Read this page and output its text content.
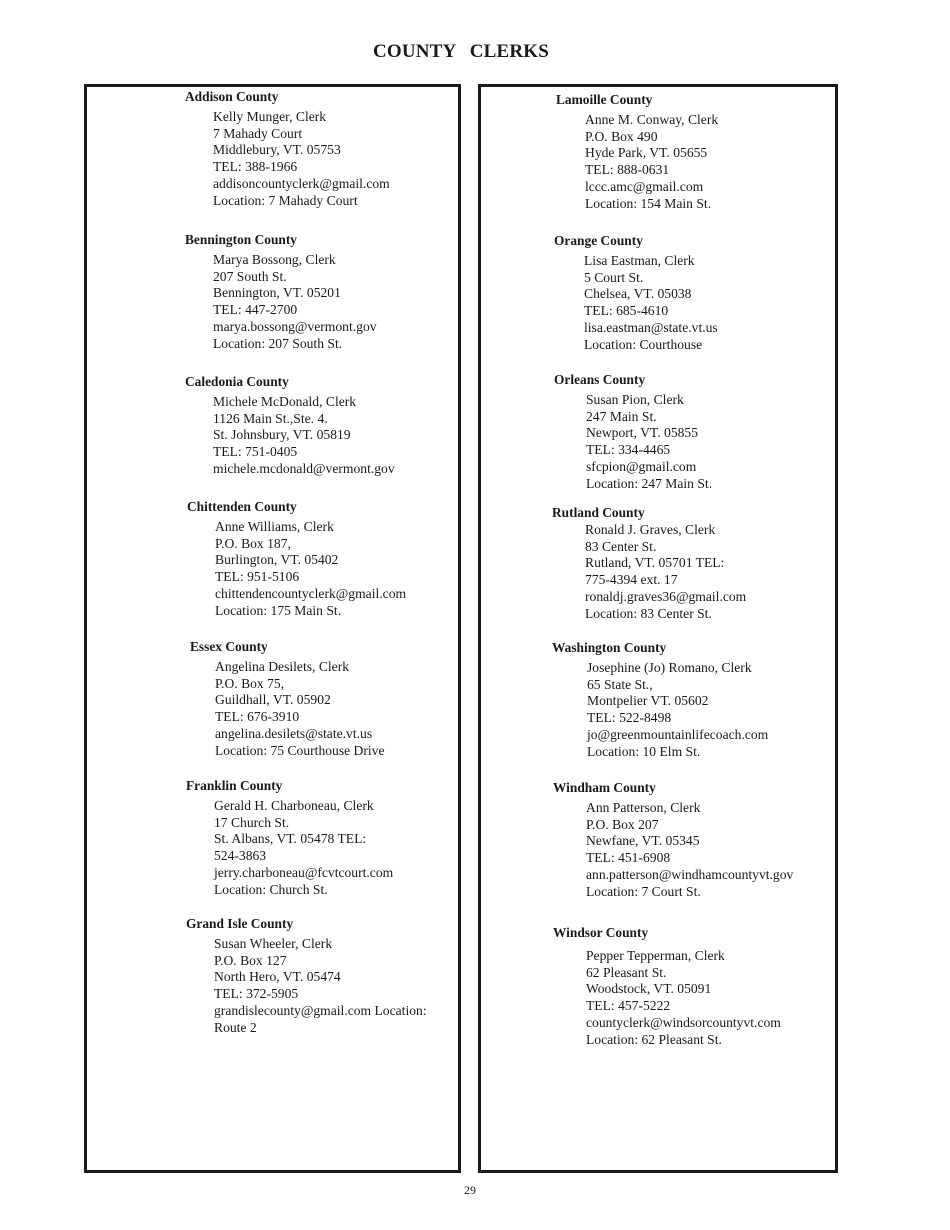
COUNTY CLERKS
Addison County
Kelly Munger, Clerk
7 Mahady Court
Middlebury, VT. 05753
TEL: 388-1966
addisoncountyclerk@gmail.com
Location: 7 Mahady Court
Bennington County
Marya Bossong, Clerk
207 South St.
Bennington, VT. 05201
TEL: 447-2700
marya.bossong@vermont.gov
Location: 207 South St.
Caledonia County
Michele McDonald, Clerk
1126 Main St.,Ste. 4.
St. Johnsbury, VT. 05819
TEL: 751-0405
michele.mcdonald@vermont.gov
Chittenden County
Anne Williams, Clerk
P.O. Box 187,
Burlington, VT. 05402
TEL: 951-5106
chittendencountyclerk@gmail.com
Location: 175 Main St.
Essex County
Angelina Desilets, Clerk
P.O. Box 75,
Guildhall, VT. 05902
TEL: 676-3910
angelina.desilets@state.vt.us
Location: 75 Courthouse Drive
Franklin County
Gerald H. Charboneau, Clerk
17 Church St.
St. Albans, VT. 05478 TEL:
524-3863
jerry.charboneau@fcvtcourt.com
Location: Church St.
Grand Isle County
Susan Wheeler, Clerk
P.O. Box 127
North Hero, VT. 05474
TEL: 372-5905
grandislecounty@gmail.com Location:
Route 2
Lamoille County
Anne M. Conway, Clerk
P.O. Box 490
Hyde Park, VT. 05655
TEL: 888-0631
lccc.amc@gmail.com
Location: 154 Main St.
Orange County
Lisa Eastman, Clerk
5 Court St.
Chelsea, VT. 05038
TEL: 685-4610
lisa.eastman@state.vt.us
Location: Courthouse
Orleans County
Susan Pion, Clerk
247 Main St.
Newport, VT. 05855
TEL: 334-4465
sfcpion@gmail.com
Location: 247 Main St.
Rutland County
Ronald J. Graves, Clerk
83 Center St.
Rutland, VT. 05701 TEL:
775-4394 ext. 17
ronaldj.graves36@gmail.com
Location: 83 Center St.
Washington County
Josephine (Jo) Romano, Clerk
65 State St.,
Montpelier VT. 05602
TEL: 522-8498
jo@greenmountainlifecoach.com
Location: 10 Elm St.
Windham County
Ann Patterson, Clerk
P.O. Box 207
Newfane, VT. 05345
TEL: 451-6908
ann.patterson@windhamcountyvt.gov
Location: 7 Court St.
Windsor County
Pepper Tepperman, Clerk
62 Pleasant St.
Woodstock, VT. 05091
TEL: 457-5222
countyclerk@windsorcountyvt.com
Location: 62 Pleasant St.
29
